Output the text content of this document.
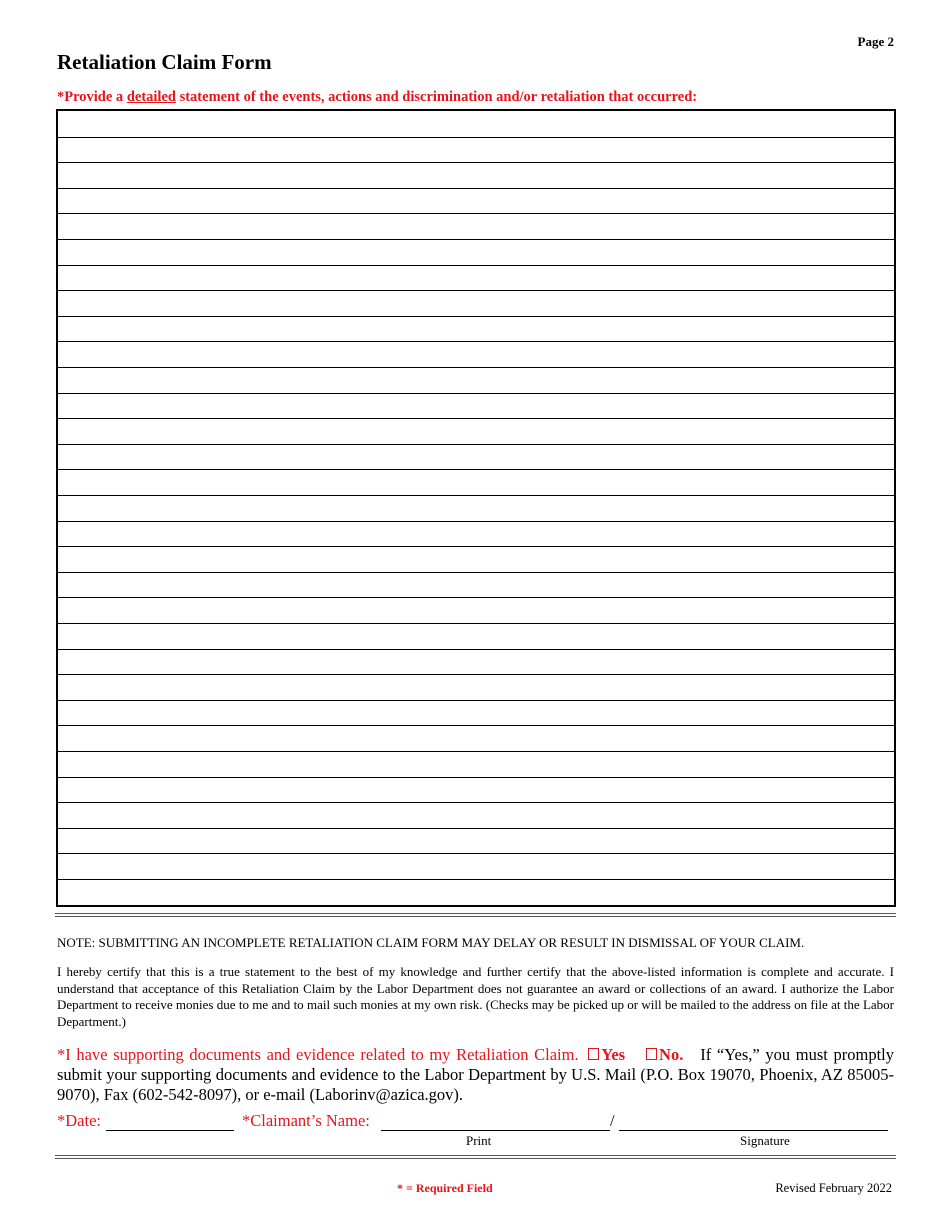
Page 2
Retaliation Claim Form
*Provide a detailed statement of the events, actions and discrimination and/or retaliation that occurred:
NOTE: SUBMITTING AN INCOMPLETE RETALIATION CLAIM FORM MAY DELAY OR RESULT IN DISMISSAL OF YOUR CLAIM.
I hereby certify that this is a true statement to the best of my knowledge and further certify that the above-listed information is complete and accurate. I understand that acceptance of this Retaliation Claim by the Labor Department does not guarantee an award or collections of an award. I authorize the Labor Department to receive monies due to me and to mail such monies at my own risk. (Checks may be picked up or will be mailed to the address on file at the Labor Department.)
*I have supporting documents and evidence related to my Retaliation Claim. Yes No. If “Yes,” you must promptly submit your supporting documents and evidence to the Labor Department by U.S. Mail (P.O. Box 19070, Phoenix, AZ 85005-9070), Fax (602-542-8097), or e-mail (Laborinv@azica.gov).
*Date:	*Claimant’s Name:	/
Print	Signature
* = Required Field	Revised February 2022
